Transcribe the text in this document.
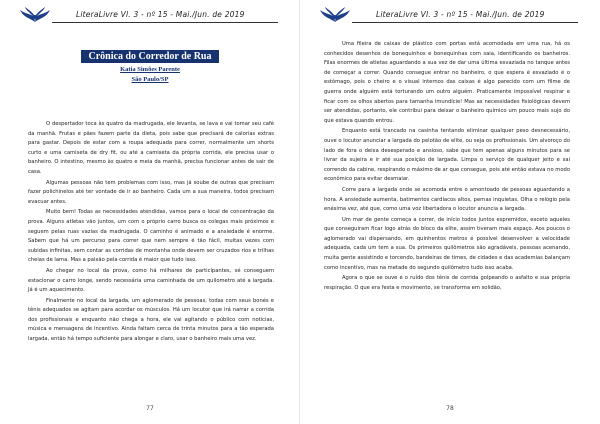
LiteraLivre Vl. 3 - nº 15 - Mai./Jun. de 2019
Crônica do Corredor de Rua
Katia Simões Parente
São Paulo/SP

O despertador toca às quatro da madrugada, ele levanta, se lava e vai tomar seu café da manhã. Frutas e pães fazem parte da dieta, pois sabe que precisará de calorias extras para gastar. Depois de estar com a roupa adequada para correr, normalmente um shorts curto e uma camiseta de dry fit, ou até a camiseta da própria corrida, ele precisa usar o banheiro. O intestino, mesmo às quatro e meia da manhã, precisa funcionar antes de sair de casa.

Algumas pessoas não tem problemas com isso, mas já soube de outras que precisam fazer polichinelos até ter vontade de ir ao banheiro. Cada um a sua maneira, todos precisam evacuar antes.

Muito bem! Todas as necessidades atendidas, vamos para o local de concentração da prova. Alguns atletas vão juntos, um com o próprio carro busca os colegas mais próximos e seguem pelas ruas vazias da madrugada. O caminho é animado e a ansiedade é enorme. Sabem que há um percurso para correr que nem sempre é tão fácil, muitas vezes com subidas infinitas, sem contar as corridas de montanha onde devem ser cruzados rios e trilhas cheias de lama. Mas a paixão pela corrida é maior que tudo isso.

Ao chegar no local da prova, como há milhares de participantes, sé conseguem estacionar o carro longe, sendo necessária uma caminhada de um quilometro até a largada. Já é um aquecimento.

Finalmente no local da largada, um aglomerado de pessoas, todas com seus bonés e tênis adequados se agitam para acordar os músculos. Há um locutor que irá narrar a corrida dos profissionais e enquanto não chega a hora, ele vai agitando o público com notícias, música e mensagens de incentivo. Ainda faltam cerca de trinta minutos para a tão esperada largada, então há tempo suficiente para alongar e claro, usar o banheiro mais uma vez.

77
LiteraLivre Vl. 3 - nº 15 - Mai./Jun. de 2019

Uma fileira de caixas de plástico com portas está acomodada em uma rua, há os conhecidos desenhos de bonequinhos e bonequinhas com saia, identificando os banheiros. Filas enormes de atletas aguardando a sua vez de dar uma última esvaziada no tanque antes de começar a correr. Quando consegue entrar no banheiro, o que espera é esvaziado é o estômago, pois o cheiro e o visual internos das caixas é algo parecido com um filme de guerra onde alguém está torturando um outro alguém. Praticamente impossível respirar e ficar com os olhos abertos para tamanha imundície! Mas as necessidades fisiológicas devem ser atendidas, portanto, ele contribui para deixar o banheiro químico um pouco mais sujo do que estava quando entrou.

Enquanto está trancado na casinha tentando eliminar qualquer peso desnecessário, ouve o locutor anunciar a largada do pelotão de elite, ou seja os profissionais. Um alvoroço do lado de fora o deixa desesperado e ansioso, sabe que tem apenas alguns minutos para se livrar da sujeira e ir até sua posição de largada. Limpa o serviço de qualquer jeito e sai correndo da cabine, respirando o máximo de ar que consegue, pois até então estava no modo econômico para evitar desmaiar.

Corre para a largada onde se acomoda entre o amontoado de pessoas aguardando a hora. A ansiedade aumenta, batimentos cardíacos altos, pernas inquietas. Olha o relógio pela enésima vez, até que, como uma voz libertadora o locutor anuncia a largada.

Um mar de gente começa a correr, de início todos juntos espremidos, exceto aqueles que conseguiram ficar logo atrás do bloco da elite, assim tiveram mais espaço. Aos poucos o aglomerado vai dispersando, em quinhentos metros é possível desenvolver a velocidade adequada, cada um tem a sua. Os primeiros quilômetros são agradáveis, pessoas acenando, muita gente assistindo e torcendo, bandeiras de times, de cidades e das academias balançam como incentivo, mas na metade do segundo quilômetro tudo isso acaba.

Agora o que se ouve é o ruído dos tênis de corrida golpeando o asfalto e sua própria respiração. O que era festa e movimento, se transforma em solidão,

78
